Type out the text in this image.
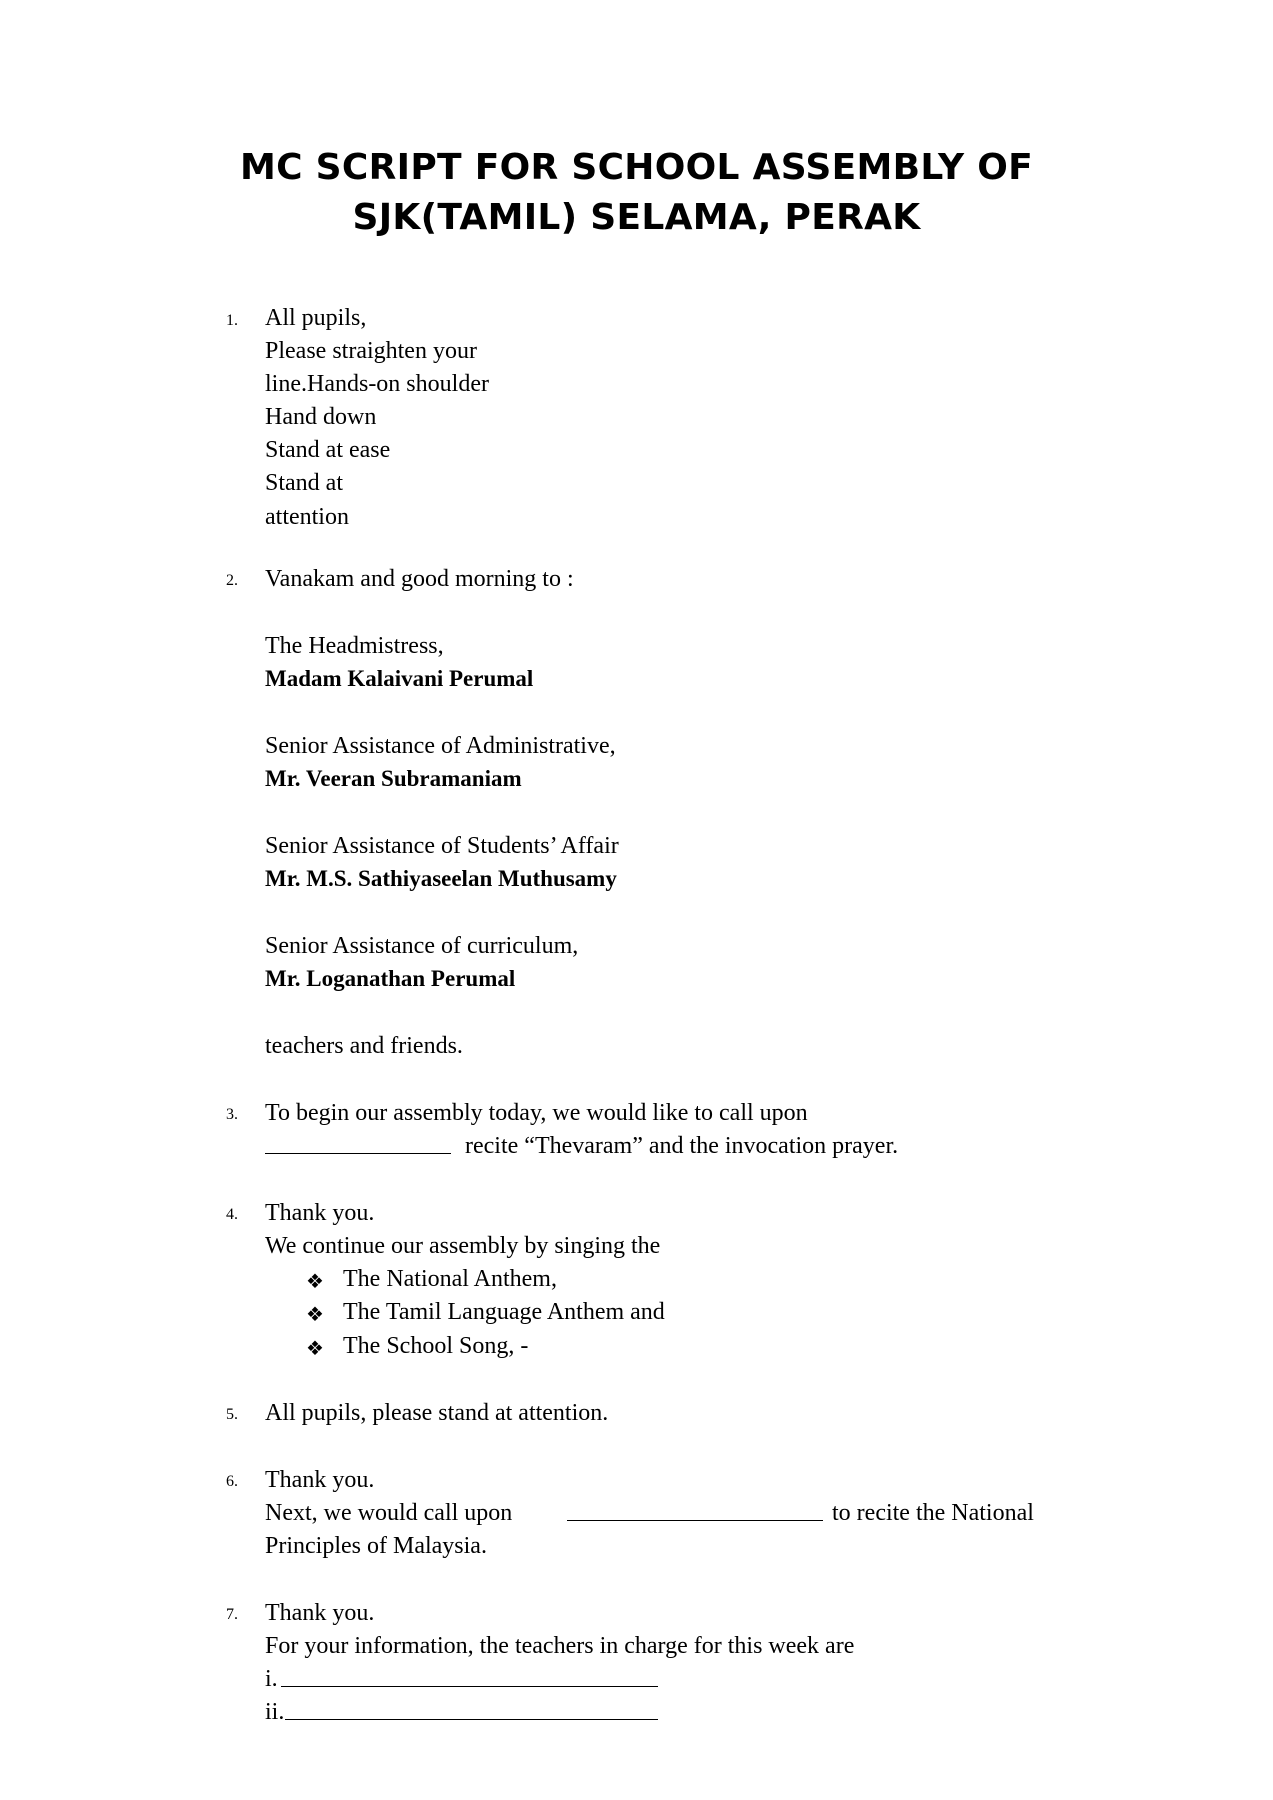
MC SCRIPT FOR SCHOOL ASSEMBLY OF
SJK(TAMIL) SELAMA, PERAK
1. All pupils,
Please straighten your
line.Hands-on shoulder
Hand down
Stand at ease
Stand at
attention
2. Vanakam and good morning to :
The Headmistress,
Madam Kalaivani Perumal
Senior Assistance of Administrative,
Mr. Veeran Subramaniam
Senior Assistance of Students’ Affair
Mr. M.S. Sathiyaseelan Muthusamy
Senior Assistance of curriculum,
Mr. Loganathan Perumal
teachers and friends.
3. To begin our assembly today, we would like to call upon
recite “Thevaram” and the invocation prayer.
4. Thank you.
We continue our assembly by singing the
❖ The National Anthem,
❖ The Tamil Language Anthem and
❖ The School Song, -
5. All pupils, please stand at attention.
6. Thank you.
Next, we would call upon	to recite the National
Principles of Malaysia.
7. Thank you.
For your information, the teachers in charge for this week are
i.
ii.
